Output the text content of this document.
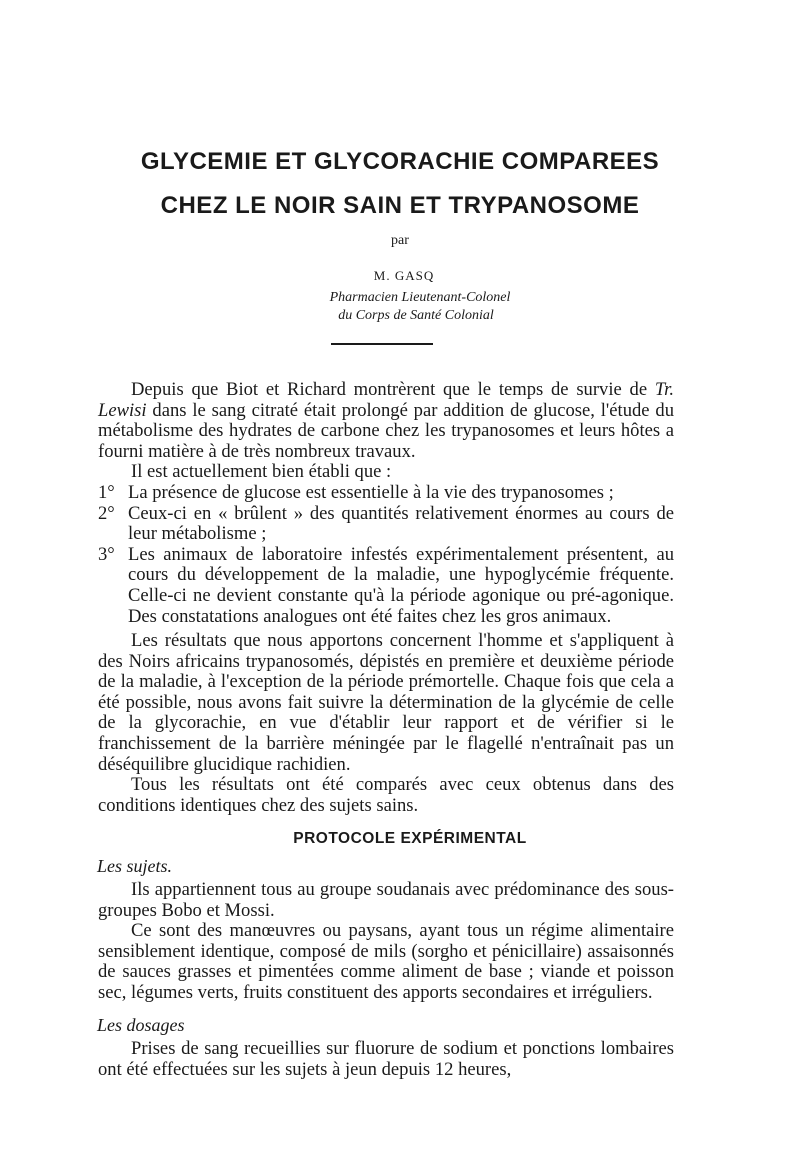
GLYCEMIE ET GLYCORACHIE COMPAREES
CHEZ LE NOIR SAIN ET TRYPANOSOME
par
M. GASQ
Pharmacien Lieutenant-Colonel
du Corps de Santé Colonial

Depuis que Biot et Richard montrèrent que le temps de survie de Tr. Lewisi dans le sang citraté était prolongé par addition de glucose, l'étude du métabolisme des hydrates de carbone chez les trypanosomes et leurs hôtes a fourni matière à de très nombreux travaux.

Il est actuellement bien établi que :

1° La présence de glucose est essentielle à la vie des trypanosomes ;
2° Ceux-ci en « brûlent » des quantités relativement énormes au cours de leur métabolisme ;
3° Les animaux de laboratoire infestés expérimentalement présentent, au cours du développement de la maladie, une hypoglycémie fréquente. Celle-ci ne devient constante qu'à la période agonique ou pré-agonique. Des constatations analogues ont été faites chez les gros animaux.

Les résultats que nous apportons concernent l'homme et s'appliquent à des Noirs africains trypanosomés, dépistés en première et deuxième période de la maladie, à l'exception de la période prémortelle. Chaque fois que cela a été possible, nous avons fait suivre la détermination de la glycémie de celle de la glycorachie, en vue d'établir leur rapport et de vérifier si le franchissement de la barrière méningée par le flagellé n'entraînait pas un déséquilibre glucidique rachidien.

Tous les résultats ont été comparés avec ceux obtenus dans des conditions identiques chez des sujets sains.

PROTOCOLE EXPÉRIMENTAL
Les sujets.

Ils appartiennent tous au groupe soudanais avec prédominance des sous-groupes Bobo et Mossi.

Ce sont des manœuvres ou paysans, ayant tous un régime alimentaire sensiblement identique, composé de mils (sorgho et pénicillaire) assaisonnés de sauces grasses et pimentées comme aliment de base ; viande et poisson sec, légumes verts, fruits constituent des apports secondaires et irréguliers.

Les dosages

Prises de sang recueillies sur fluorure de sodium et ponctions lombaires ont été effectuées sur les sujets à jeun depuis 12 heures,
